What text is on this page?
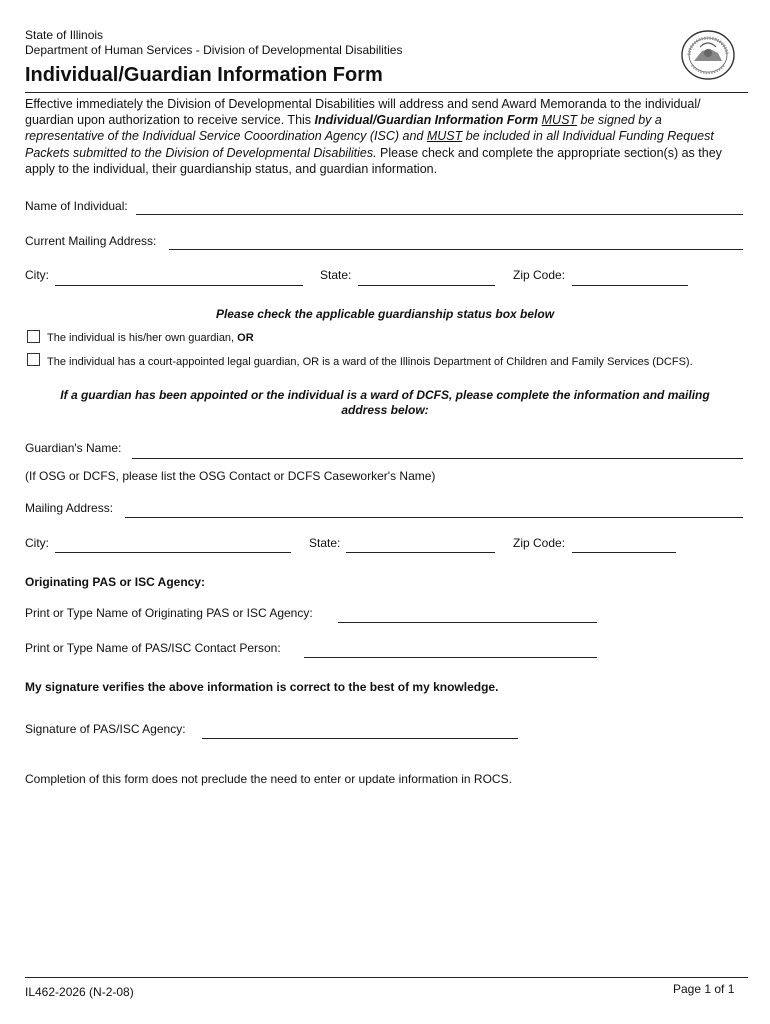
State of Illinois
Department of Human Services - Division of Developmental Disabilities
Individual/Guardian Information Form
Effective immediately the Division of Developmental Disabilities will address and send Award Memoranda to the individual/
guardian upon authorization to receive service. This Individual/Guardian Information Form MUST be signed by a
representative of the Individual Service Cooordination Agency (ISC) and MUST be included in all Individual Funding Request
Packets submitted to the Division of Developmental Disabilities. Please check and complete the appropriate section(s) as they
apply to the individual, their guardianship status, and guardian information.
Name of Individual:
Current Mailing Address:
City:	State:	Zip Code:
Please check the applicable guardianship status box below
The individual is his/her own guardian, OR
The individual has a court-appointed legal guardian, OR is a ward of the Illinois Department of Children and Family Services (DCFS).
If a guardian has been appointed or the individual is a ward of DCFS, please complete the information and mailing
address below:
Guardian's Name:
(If OSG or DCFS, please list the OSG Contact or DCFS Caseworker's Name)
Mailing Address:
City:	State:	Zip Code:
Originating PAS or ISC Agency:
Print or Type Name of Originating PAS or ISC Agency:
Print or Type Name of PAS/ISC Contact Person:
My signature verifies the above information is correct to the best of my knowledge.
Signature of PAS/ISC Agency:
Completion of this form does not preclude the need to enter or update information in ROCS.
IL462-2026 (N-2-08)	Page 1 of 1
